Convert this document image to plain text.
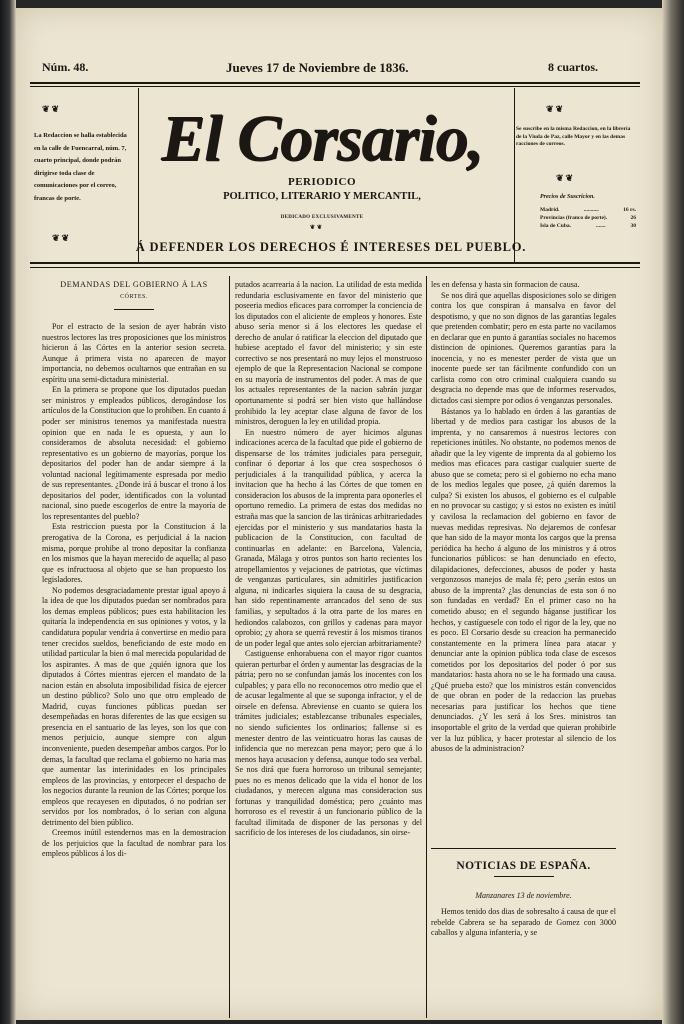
Núm. 48.	Jueves 17 de Noviembre de 1836.	8 cuartos.
❦❦
La Redaccion se halla establecida en la calle de Fuencarral, núm. 7, cuarto principal, donde podrán dirigirse toda clase de comunicaciones por el correo, francas de porte.
❦❦
El Corsario,
PERIODICO
POLITICO, LITERARIO Y MERCANTIL,
DEDICADO EXCLUSIVAMENTE
❦❦
Á DEFENDER LOS DERECHOS É INTERESES DEL PUEBLO.
❦❦
Se suscribe en la misma Redaccion, en la librería de la Viuda de Paz, calle Mayor y en las demas racciones de correos.
❦❦
Precios de Suscricion.
Madrid.	...........	16 rs.
Provincias (franco de porte).	26
Isla de Cuba.	.......	30
DEMANDAS DEL GOBIERNO Á LAS
CÓRTES.

Por el estracto de la sesion de ayer habrán visto nuestros lectores las tres proposiciones que los ministros hicieron á las Córtes en la anterior sesion secreta. Aunque á primera vista no aparecen de mayor importancia, no debemos ocultarnos que entrañan en su espíritu una semi-dictadura ministerial.

En la primera se propone que los diputados puedan ser ministros y empleados públicos, derogándose los artículos de la Constitucion que lo prohiben. En cuanto á poder ser ministros tenemos ya manifestada nuestra opinion que en nada le es opuesta, y aun lo consideramos de absoluta necesidad: el gobierno representativo es un gobierno de mayorías, porque los depositarios del poder han de andar siempre á la voluntad nacional legítimamente espresada por medio de sus representantes. ¿Donde irá á buscar el trono á los depositarios del poder, identificados con la voluntad nacional, sino puede escogerlos de entre la mayoría de los representantes del pueblo?

Esta restriccion puesta por la Constitucion á la prerogativa de la Corona, es perjudicial á la nacion misma, porque prohibe al trono depositar la confianza en los mismos que la hayan merecido de aquella; al paso que es infructuosa al objeto que se han propuesto los legisladores.

No podemos desgraciadamente prestar igual apoyo á la idea de que los diputados puedan ser nombrados para los demas empleos públicos; pues esta habilitacion les quitaría la independencia en sus opiniones y votos, y la candidatura popular vendria á convertirse en medio para tener crecidos sueldos, beneficiando de este modo en utilidad particular la bien ó mal merecida popularidad de los aspirantes. A mas de que ¿quién ignora que los diputados á Córtes mientras ejercen el mandato de la nacion están en absoluta imposibilidad física de ejercer un destino público? Solo uno que otro empleado de Madrid, cuyas funciones públicas puedan ser desempeñadas en horas diferentes de las que ecsigen su presencia en el santuario de las leyes, son los que con menos perjuicio, aunque siempre con algun inconveniente, pueden desempeñar ambos cargos. Por lo demas, la facultad que reclama el gobierno no haria mas que aumentar las interinidades en los principales empleos de las provincias, y entorpecer el despacho de los negocios durante la reunion de las Córtes; porque los empleos que recayesen en diputados, ó no podrian ser servidos por los nombrados, ó lo serian con alguna detrimento del bien público.

Creemos inútil estendernos mas en la demostracion de los perjuicios que la facultad de nombrar para los empleos públicos á los di-

putados acarrearia á la nacion. La utilidad de esta medida redundaria esclusivamente en favor del ministerio que poseeria medios eficaces para corromper la conciencia de los diputados con el aliciente de empleos y honores. Este abuso sería menor si á los electores les quedase el derecho de anular ó ratificar la eleccion del diputado que hubiese aceptado el favor del ministerio; y sin este correctivo se nos presentará no muy lejos el monstruoso ejemplo de que la Representacion Nacional se compone en su mayoría de instrumentos del poder. A mas de que los actuales representantes de la nacion sabrán juzgar oportunamente si podrá ser bien visto que hallándose prohibido la ley aceptar clase alguna de favor de los ministros, deroguen la ley en utilidad propia.

En nuestro número de ayer hicimos algunas indicaciones acerca de la facultad que pide el gobierno de dispensarse de los trámites judiciales para perseguir, confinar ó deportar á los que crea sospechosos ó perjudiciales á la tranquilidad pública, y acerca la invitacion que ha hecho á las Córtes de que tomen en consideracion los abusos de la imprenta para oponerles el oportuno remedio. La primera de estas dos medidas no estraña mas que la sancion de las tiránicas arbitrariedades ejercidas por el ministerio y sus mandatarios hasta la publicacion de la Constitucion, con facultad de continuarlas en adelante: en Barcelona, Valencia, Granada, Málaga y otros puntos son harto recientes los atropellamientos y vejaciones de patriotas, que víctimas de venganzas particulares, sin admitirles justificacion alguna, ni indicarles siquiera la causa de su desgracia, han sido repentinamente arrancados del seno de sus familias, y sepultados á la otra parte de los mares en hediondos calabozos, con grillos y cadenas para mayor oprobio; ¿y ahora se querrá revestir á los mismos tiranos de un poder legal que antes solo ejercian arbitrariamente?

Castiguense enhorabuena con el mayor rigor cuantos quieran perturbar el órden y aumentar las desgracias de la pátria; pero no se confundan jamás los inocentes con los culpables; y para ello no reconocemos otro medio que el de acusar legalmente al que se suponga infractor, y el de oirsele en defensa. Abreviense en cuanto se quiera los trámites judiciales; establezcanse tribunales especiales, no siendo suficientes los ordinarios; fallense si es menester dentro de las veinticuatro horas las causas de infidencia que no merezcan pena mayor; pero que á lo menos haya acusacion y defensa, aunque todo sea verbal. Se nos dirá que fuera horroroso un tribunal semejante; pues no es menos delicado que la vida el honor de los ciudadanos, y merecen alguna mas consideracion sus fortunas y tranquilidad doméstica; pero ¿cuánto mas horroroso es el revestir á un funcionario público de la facultad ilimitada de disponer de las personas y del sacrificio de los intereses de los ciudadanos, sin oirse-

les en defensa y hasta sin formacion de causa.

Se nos dirá que aquellas disposiciones solo se dirigen contra los que conspiran á mansalva en favor del despotismo, y que no son dignos de las garantías legales que pretenden combatir; pero en esta parte no vacilamos en declarar que en punto á garantías sociales no hacemos distincion de opiniones. Queremos garantías para la inocencia, y no es menester perder de vista que un inocente puede ser tan fácilmente confundido con un carlista como con otro criminal cualquiera cuando su desgracia no depende mas que de informes reservados, dictados casi siempre por odios ó venganzas personales.

Bástanos ya lo hablado en órden á las garantías de libertad y de medios para castigar los abusos de la imprenta, y no cansaremos á nuestros lectores con repeticiones inútiles. No obstante, no podemos menos de añadir que la ley vigente de imprenta da al gobierno los medios mas eficaces para castigar cualquier suerte de abuso que se cometa; pero si el gobierno no echa mano de los medios legales que posee, ¿á quién daremos la culpa? Si existen los abusos, el gobierno es el culpable en no provocar su castigo; y si estos no existen es inútil y cavilosa la reclamacion del gobierno en favor de nuevas medidas represivas. No dejaremos de confesar que han sido de la mayor monta los cargos que la prensa periódica ha hecho á alguno de los ministros y á otros funcionarios públicos: se han denunciado en efecto, dilapidaciones, defecciones, abusos de poder y hasta vergonzosos manejos de mala fé; pero ¿serán estos un abuso de la imprenta? ¿las denuncias de esta son ó no son fundadas en verdad? En el primer caso no ha cometido abuso; en el segundo háganse justificar los hechos, y castíguesele con todo el rigor de la ley, que no es poco. El Corsario desde su creacion ha permanecido constantemente en la primera línea para atacar y denunciar ante la opinion pública toda clase de escesos cometidos por los depositarios del poder ó por sus mandatarios: hasta ahora no se le ha formado una causa. ¿Qué prueba esto? que los ministros están convencidos de que obran en poder de la redaccion las pruebas necesarias para justificar los hechos que tiene denunciados. ¿Y les será á los Sres. ministros tan insoportable el grito de la verdad que quieran prohibirle ver la luz pública, y hacer protestar al silencio de los abusos de la administracion?

NOTICIAS DE ESPAÑA.
Manzanares 13 de noviembre.

Hemos tenido dos dias de sobresalto á causa de que el rebelde Cabrera se ha separado de Gomez con 3000 caballos y alguna infanteria, y se
